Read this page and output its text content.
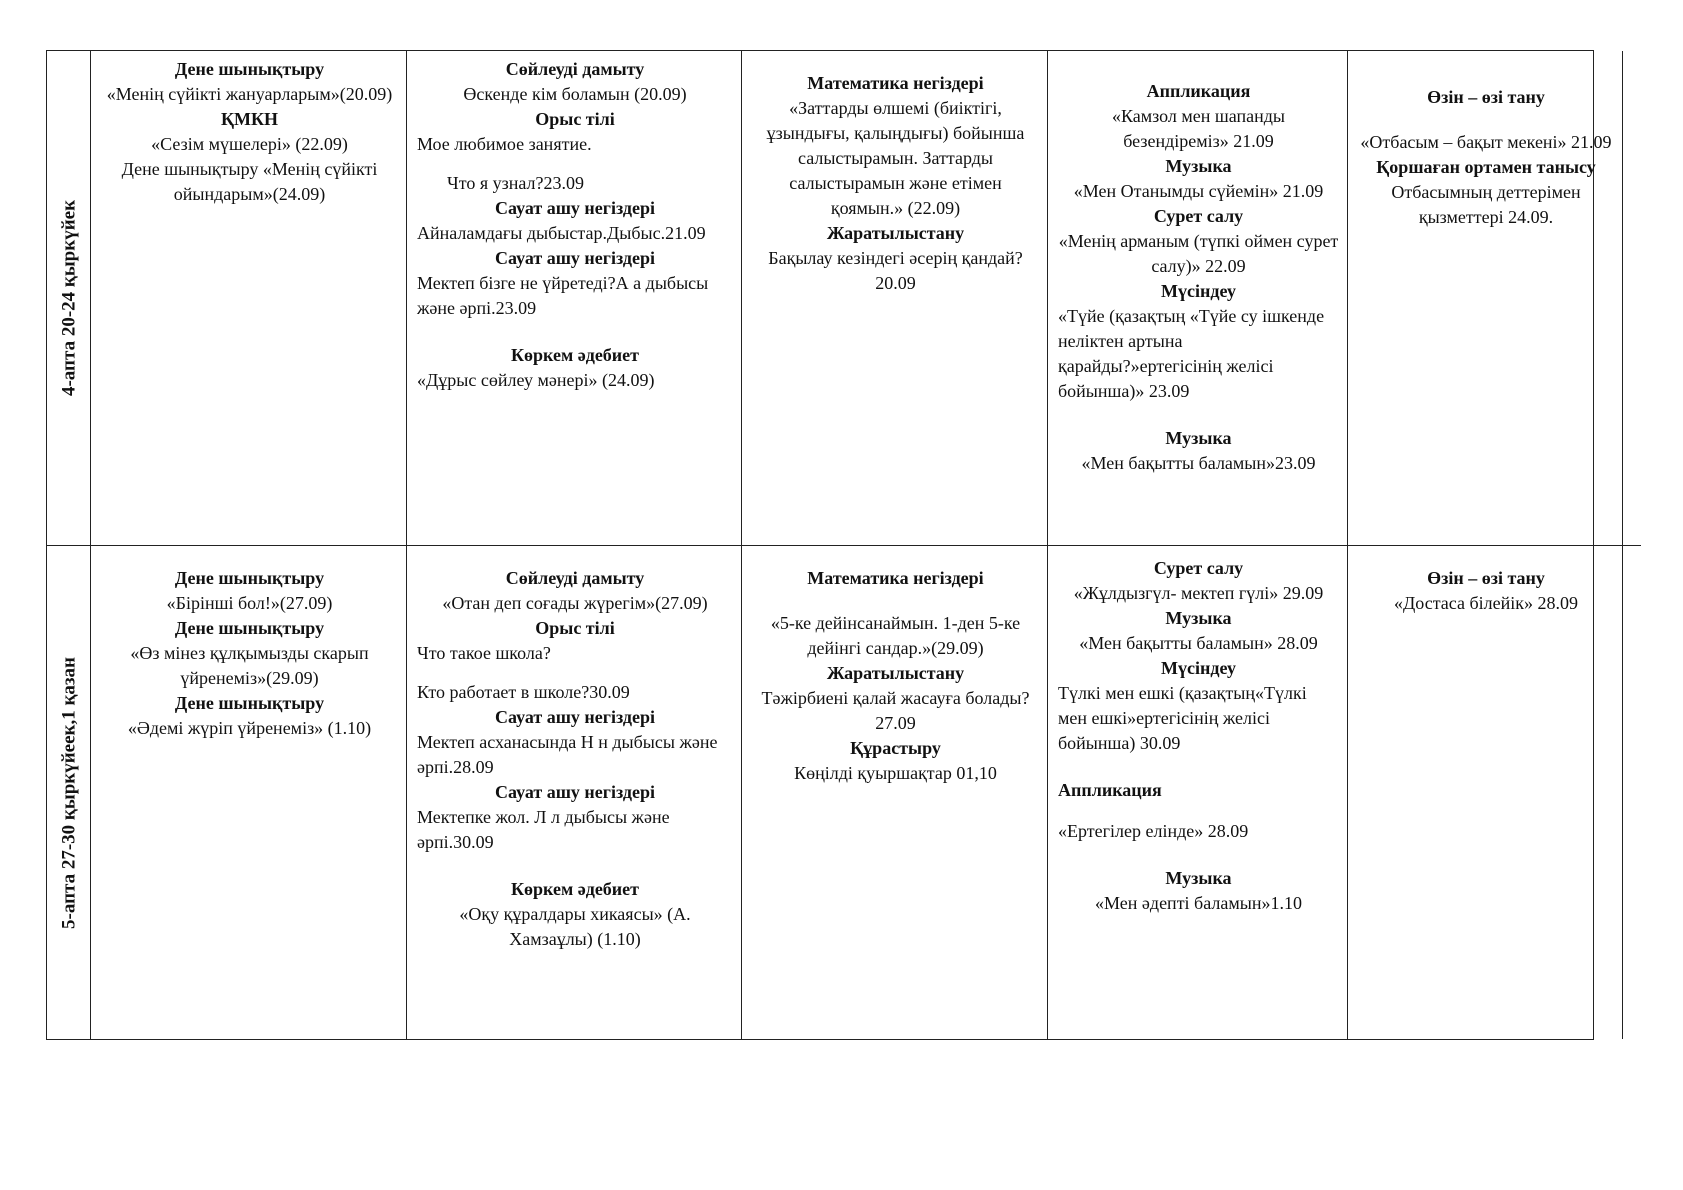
4-апта 20-24 қыркүйек
Дене шынықтыру
«Менің сүйікті жануарларым»(20.09)
ҚМКН
«Сезім мүшелері» (22.09)
Дене шынықтыру «Менің сүйікті ойындарым»(24.09)
Сөйлеуді дамыту
Өскенде кім боламын (20.09)
Орыс тілі
Мое любимое занятие.
Что я узнал?23.09
Сауат ашу негіздері
Айналамдағы дыбыстар.Дыбыс.21.09
Сауат ашу негіздері
Мектеп бізге не үйретеді?А а дыбысы және әрпі.23.09
Көркем әдебиет
«Дұрыс сөйлеу мәнері» (24.09)
Математика негіздері
«Заттарды өлшемі (биіктігі, ұзындығы, қалыңдығы) бойынша салыстырамын. Заттарды салыстырамын және етімен қоямын.» (22.09)
Жаратылыстану
Бақылау кезіндегі әсерің қандай? 20.09
Аппликация
«Камзол мен шапанды безендіреміз» 21.09
Музыка
«Мен Отанымды сүйемін» 21.09
Сурет салу
«Менің арманым (түпкі оймен сурет салу)» 22.09
Мүсіндеу
«Түйе (қазақтың «Түйе су ішкенде неліктен артына қарайды?»ертегісінің желісі бойынша)» 23.09
Музыка
«Мен бақытты баламын»23.09
Өзін – өзі тану
«Отбасым – бақыт мекені» 21.09
Қоршаған ортамен танысу
Отбасымның деттерімен қызметтері 24.09.
5-апта 27-30 қыркүйеек,1 қазан
Дене шынықтыру
«Бірінші бол!»(27.09)
Дене шынықтыру
«Өз мінез құлқымызды скарып үйренеміз»(29.09)
Дене шынықтыру
«Әдемі жүріп үйренеміз» (1.10)
Сөйлеуді дамыту
«Отан деп соғады жүрегім»(27.09)
Орыс тілі
Что такое школа?
Кто работает в школе?30.09
Сауат ашу негіздері
Мектеп асханасында Н н дыбысы және әрпі.28.09
Сауат ашу негіздері
Мектепке жол. Л л дыбысы және әрпі.30.09
Көркем әдебиет
«Оқу құралдары хикаясы» (А. Хамзаұлы) (1.10)
Математика негіздері
«5-ке дейінсанаймын. 1-ден 5-ке дейінгі сандар.»(29.09)
Жаратылыстану
Тәжірбиені қалай жасауға болады? 27.09
Құрастыру
Көңілді қуыршақтар 01,10
Сурет салу
«Жұлдызгүл- мектеп гүлі» 29.09
Музыка
«Мен бақытты баламын» 28.09
Мүсіндеу
Түлкі мен ешкі (қазақтың«Түлкі мен ешкі»ертегісінің желісі бойынша) 30.09
Аппликация
«Ертегілер елінде» 28.09
Музыка
«Мен әдепті баламын»1.10
Өзін – өзі тану
«Достаса білейік» 28.09
